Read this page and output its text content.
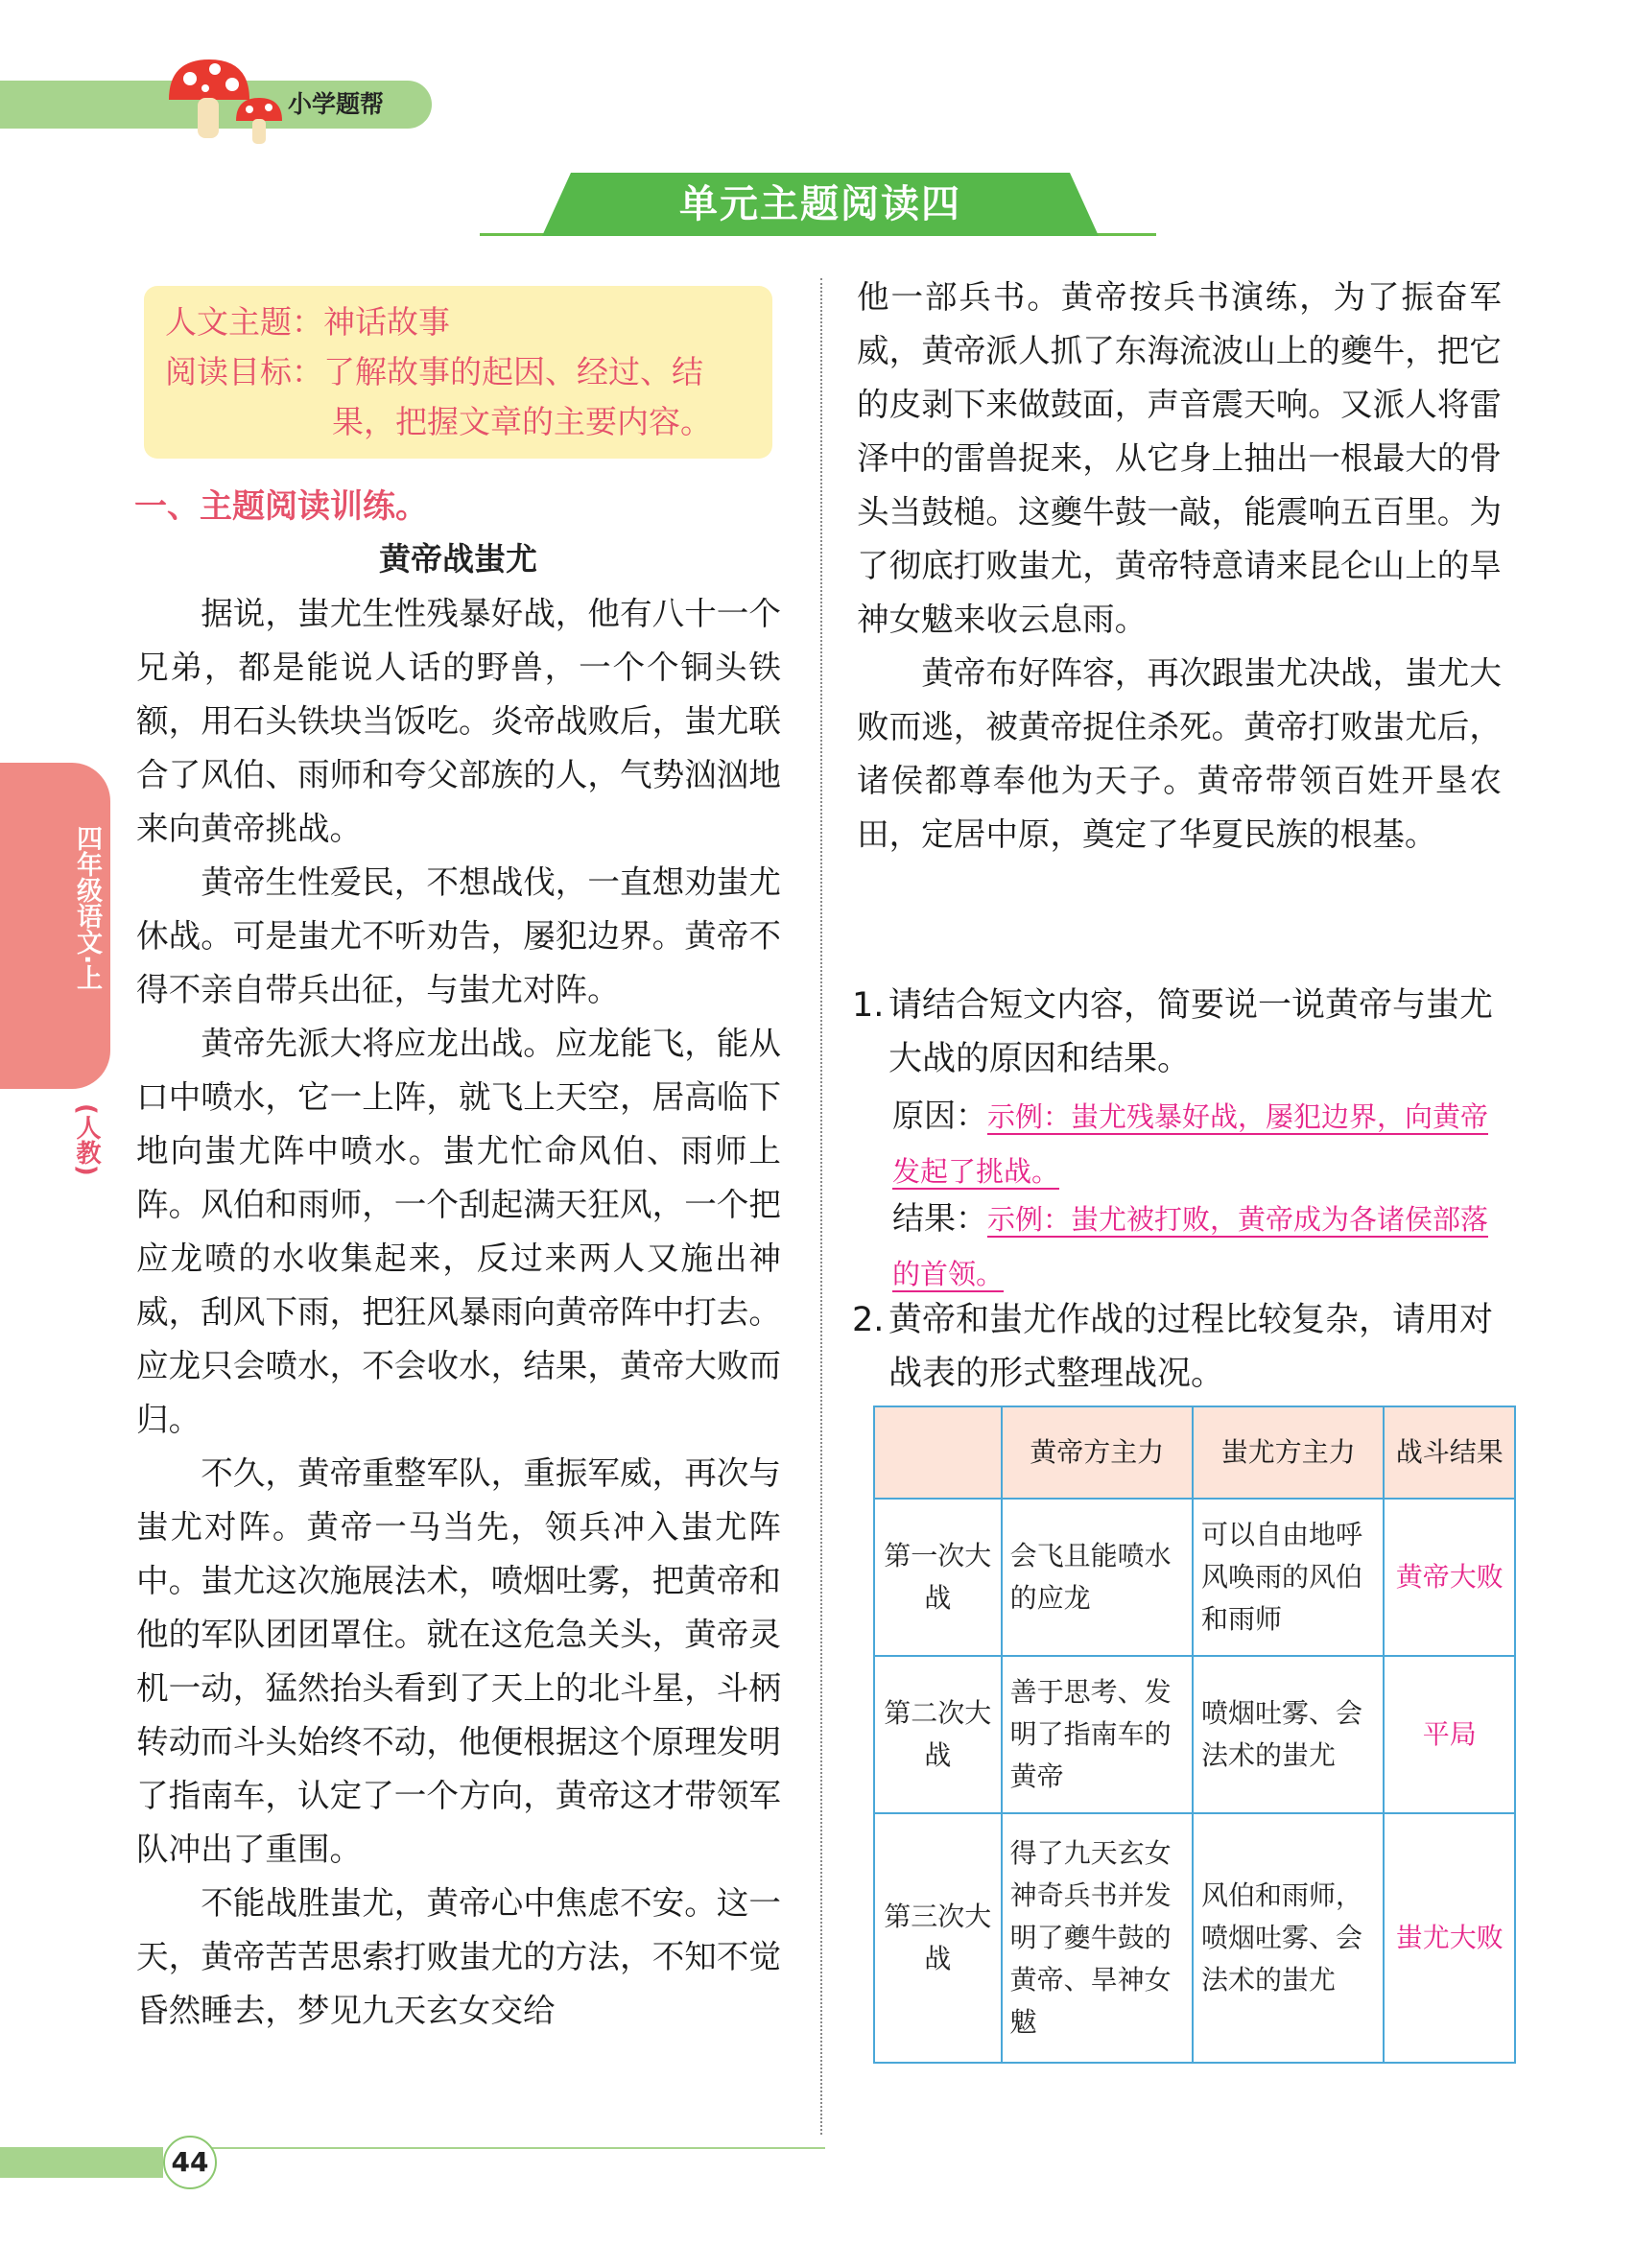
小学题帮
单元主题阅读四
四年级语文·上
(人教)
人文主题：神话故事
阅读目标：了解故事的起因、经过、结
果，把握文章的主要内容。
一、主题阅读训练。
黄帝战蚩尤

据说，蚩尤生性残暴好战，他有八十一个兄弟，都是能说人话的野兽，一个个铜头铁额，用石头铁块当饭吃。炎帝战败后，蚩尤联合了风伯、雨师和夸父部族的人，气势汹汹地来向黄帝挑战。

黄帝生性爱民，不想战伐，一直想劝蚩尤休战。可是蚩尤不听劝告，屡犯边界。黄帝不得不亲自带兵出征，与蚩尤对阵。

黄帝先派大将应龙出战。应龙能飞，能从口中喷水，它一上阵，就飞上天空，居高临下地向蚩尤阵中喷水。蚩尤忙命风伯、雨师上阵。风伯和雨师，一个刮起满天狂风，一个把应龙喷的水收集起来，反过来两人又施出神威，刮风下雨，把狂风暴雨向黄帝阵中打去。应龙只会喷水，不会收水，结果，黄帝大败而归。

不久，黄帝重整军队，重振军威，再次与蚩尤对阵。黄帝一马当先，领兵冲入蚩尤阵中。蚩尤这次施展法术，喷烟吐雾，把黄帝和他的军队团团罩住。就在这危急关头，黄帝灵机一动，猛然抬头看到了天上的北斗星，斗柄转动而斗头始终不动，他便根据这个原理发明了指南车，认定了一个方向，黄帝这才带领军队冲出了重围。

不能战胜蚩尤，黄帝心中焦虑不安。这一天，黄帝苦苦思索打败蚩尤的方法，不知不觉昏然睡去，梦见九天玄女交给

他一部兵书。黄帝按兵书演练，为了振奋军威，黄帝派人抓了东海流波山上的夔牛，把它的皮剥下来做鼓面，声音震天响。又派人将雷泽中的雷兽捉来，从它身上抽出一根最大的骨头当鼓槌。这夔牛鼓一敲，能震响五百里。为了彻底打败蚩尤，黄帝特意请来昆仑山上的旱神女魃来收云息雨。

黄帝布好阵容，再次跟蚩尤决战，蚩尤大败而逃，被黄帝捉住杀死。黄帝打败蚩尤后，诸侯都尊奉他为天子。黄帝带领百姓开垦农田，定居中原，奠定了华夏民族的根基。

1. 请结合短文内容，简要说一说黄帝与蚩尤大战的原因和结果。
原因：示例：蚩尤残暴好战，屡犯边界，向黄帝发起了挑战。
结果：示例：蚩尤被打败，黄帝成为各诸侯部落的首领。
2. 黄帝和蚩尤作战的过程比较复杂，请用对战表的形式整理战况。
	黄帝方主力	蚩尤方主力	战斗结果
第一次大战	会飞且能喷水的应龙	可以自由地呼风唤雨的风伯和雨师	黄帝大败
第二次大战	善于思考、发明了指南车的黄帝	喷烟吐雾、会法术的蚩尤	平局
第三次大战	得了九天玄女神奇兵书并发明了夔牛鼓的黄帝、旱神女魃	风伯和雨师，喷烟吐雾、会法术的蚩尤	蚩尤大败
44
